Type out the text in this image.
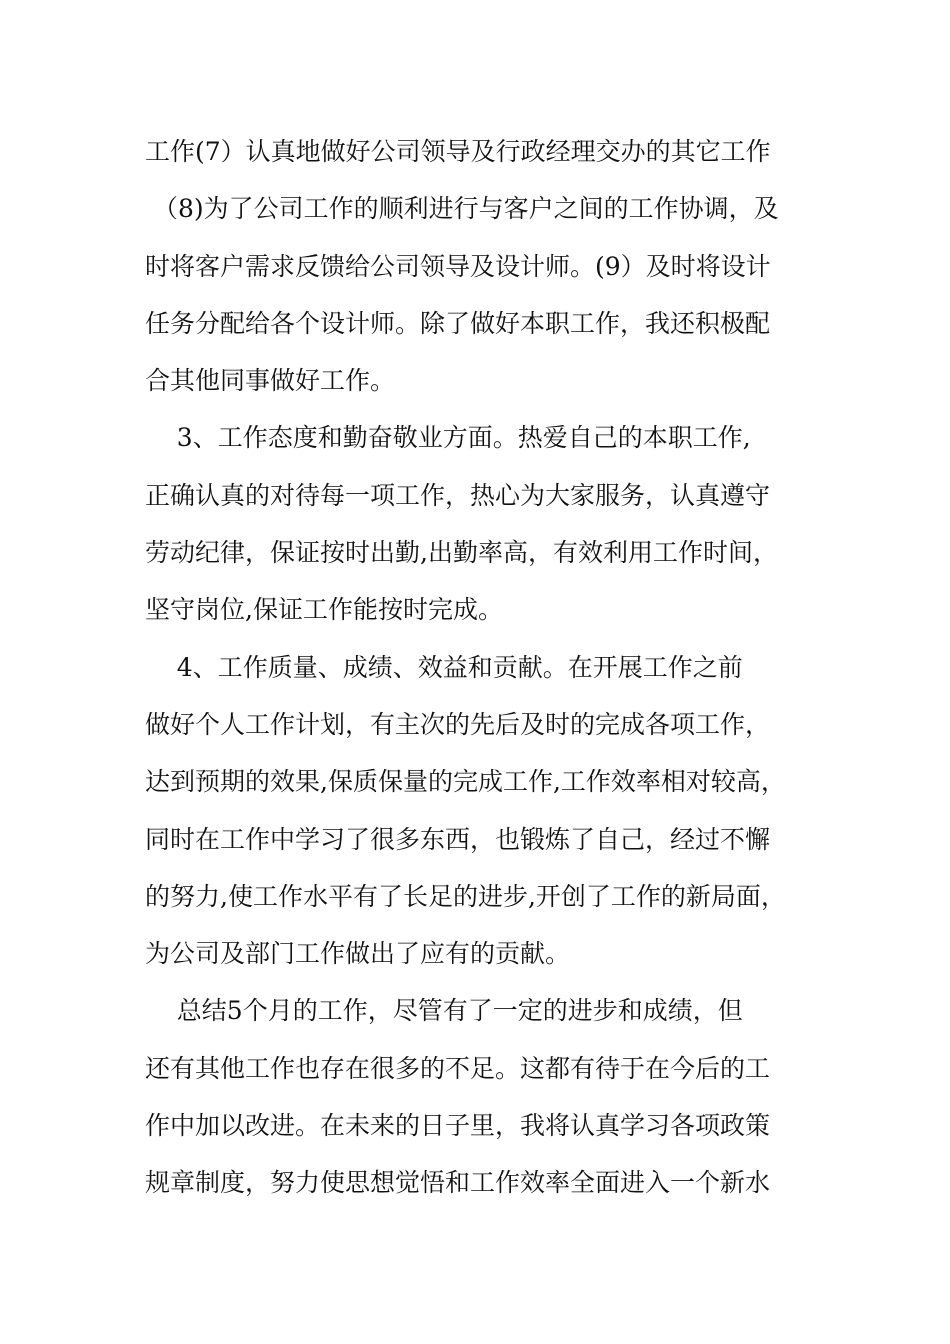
工作(7）认真地做好公司领导及行政经理交办的其它工作
（8)为了公司工作的顺利进行与客户之间的工作协调，及
时将客户需求反馈给公司领导及设计师。(9）及时将设计
任务分配给各个设计师。除了做好本职工作，我还积极配
合其他同事做好工作。
3、工作态度和勤奋敬业方面。热爱自己的本职工作,
正确认真的对待每一项工作，热心为大家服务，认真遵守
劳动纪律，保证按时出勤,出勤率高，有效利用工作时间，
坚守岗位,保证工作能按时完成。
4、工作质量、成绩、效益和贡献。在开展工作之前
做好个人工作计划，有主次的先后及时的完成各项工作，
达到预期的效果,保质保量的完成工作,工作效率相对较高，
同时在工作中学习了很多东西，也锻炼了自己，经过不懈
的努力,使工作水平有了长足的进步,开创了工作的新局面，
为公司及部门工作做出了应有的贡献。
总结5个月的工作，尽管有了一定的进步和成绩，但
还有其他工作也存在很多的不足。这都有待于在今后的工
作中加以改进。在未来的日子里，我将认真学习各项政策
规章制度，努力使思想觉悟和工作效率全面进入一个新水
